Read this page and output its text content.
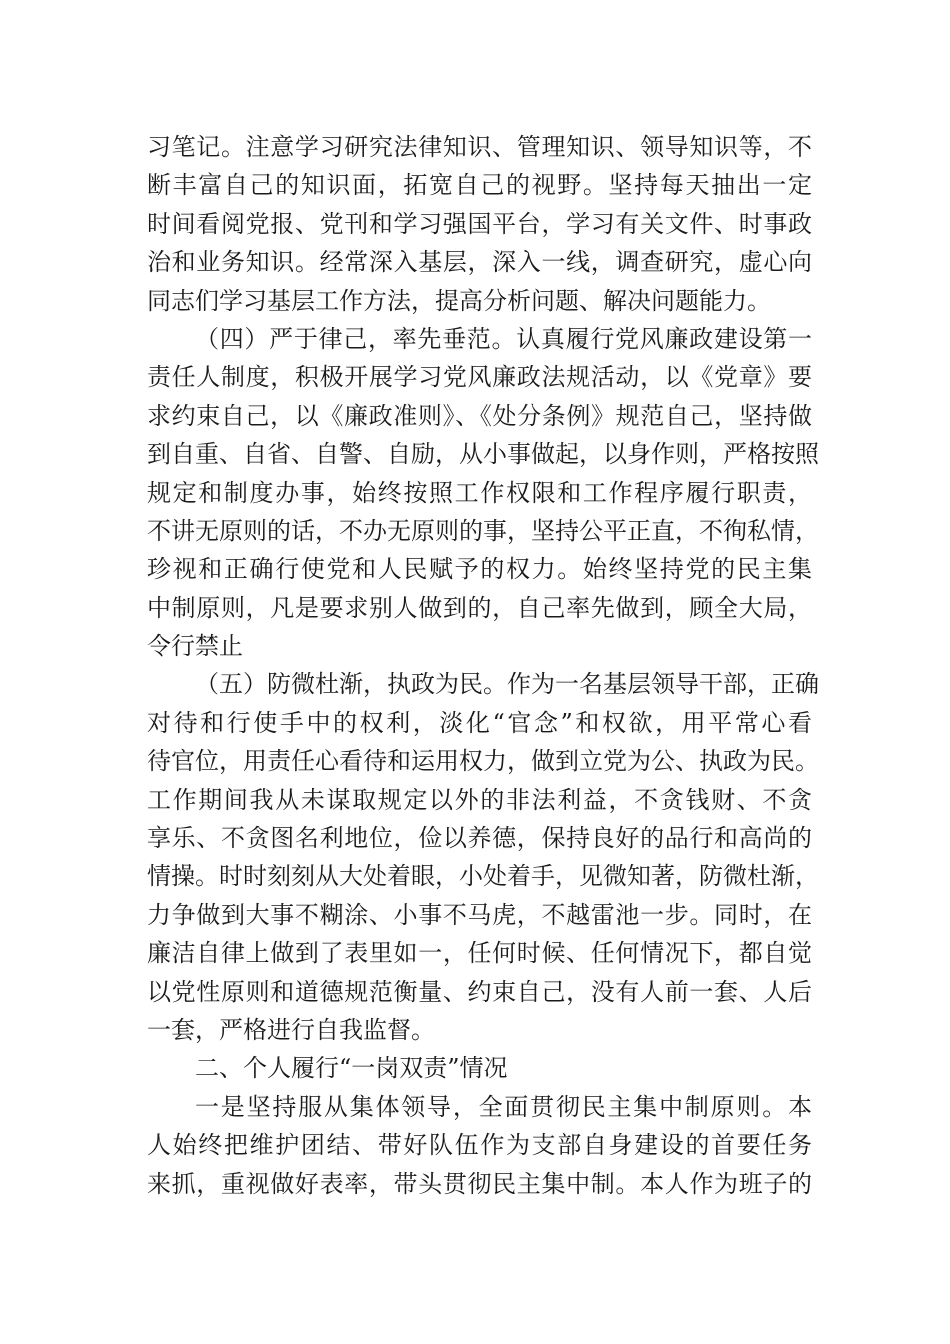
习笔记。注意学习研究法律知识、管理知识、领导知识等，不
断丰富自己的知识面，拓宽自己的视野。坚持每天抽出一定
时间看阅党报、党刊和学习强国平台，学习有关文件、时事政
治和业务知识。经常深入基层，深入一线，调查研究，虚心向
同志们学习基层工作方法，提高分析问题、解决问题能力。
（四）严于律己，率先垂范。认真履行党风廉政建设第一
责任人制度，积极开展学习党风廉政法规活动，以《党章》要
求约束自己，以《廉政准则》、《处分条例》规范自己，坚持做
到自重、自省、自警、自励，从小事做起，以身作则，严格按照
规定和制度办事，始终按照工作权限和工作程序履行职责，
不讲无原则的话，不办无原则的事，坚持公平正直，不徇私情，
珍视和正确行使党和人民赋予的权力。始终坚持党的民主集
中制原则，凡是要求别人做到的，自己率先做到，顾全大局，
令行禁止
（五）防微杜渐，执政为民。作为一名基层领导干部，正确
对待和行使手中的权利，淡化“官念”和权欲，用平常心看
待官位，用责任心看待和运用权力，做到立党为公、执政为民。
工作期间我从未谋取规定以外的非法利益，不贪钱财、不贪
享乐、不贪图名利地位，俭以养德，保持良好的品行和高尚的
情操。时时刻刻从大处着眼，小处着手，见微知著，防微杜渐，
力争做到大事不糊涂、小事不马虎，不越雷池一步。同时，在
廉洁自律上做到了表里如一，任何时候、任何情况下，都自觉
以党性原则和道德规范衡量、约束自己，没有人前一套、人后
一套，严格进行自我监督。
二、个人履行“一岗双责”情况
一是坚持服从集体领导，全面贯彻民主集中制原则。本
人始终把维护团结、带好队伍作为支部自身建设的首要任务
来抓，重视做好表率，带头贯彻民主集中制。本人作为班子的
